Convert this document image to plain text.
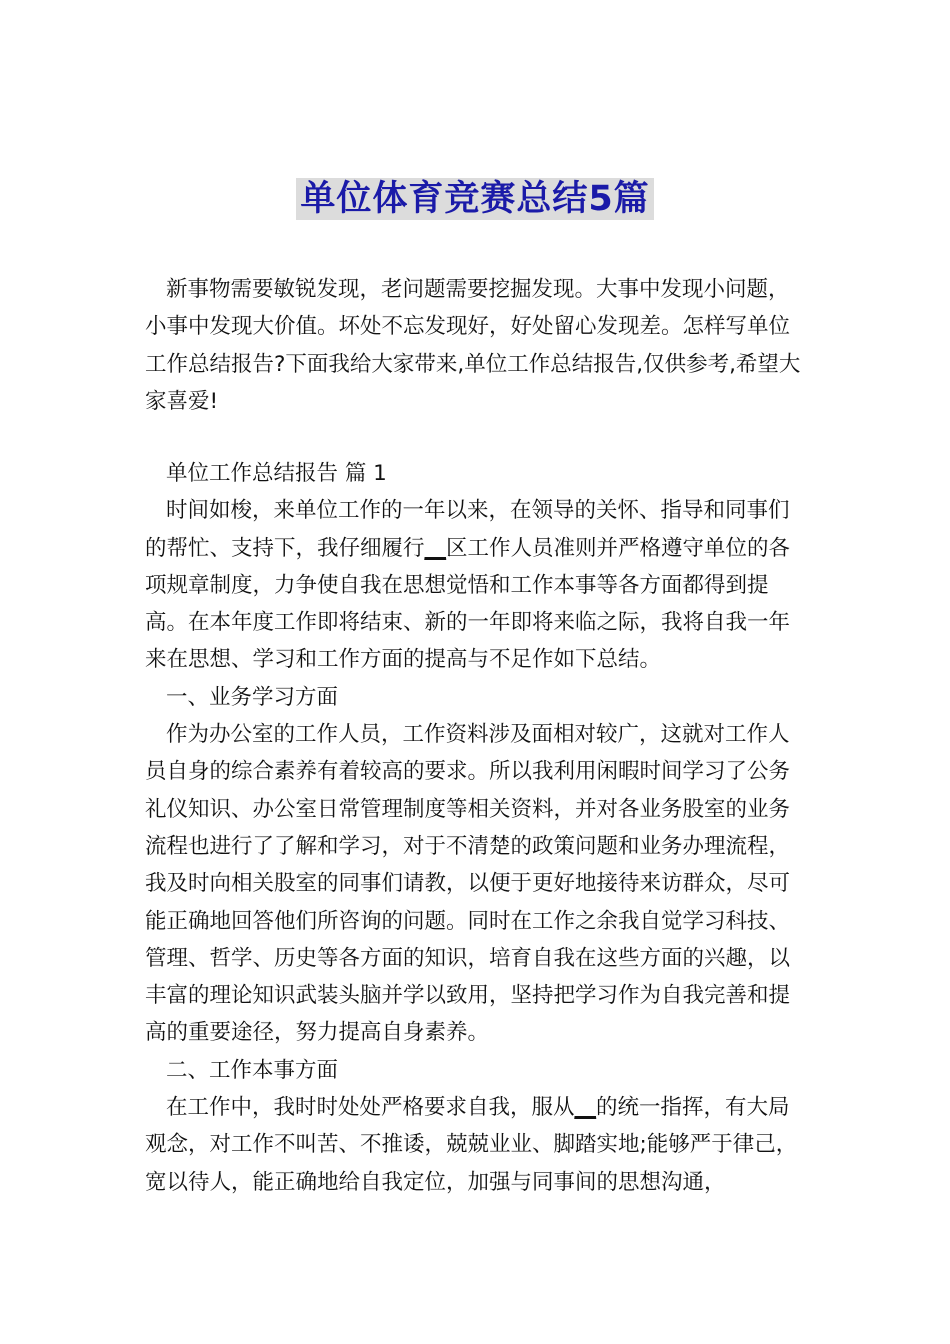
单位体育竞赛总结5篇

新事物需要敏锐发现，老问题需要挖掘发现。大事中发现小问题，小事中发现大价值。坏处不忘发现好，好处留心发现差。怎样写单位工作总结报告?下面我给大家带来,单位工作总结报告,仅供参考,希望大家喜爱!

单位工作总结报告 篇 1

时间如梭，来单位工作的一年以来，在领导的关怀、指导和同事们的帮忙、支持下，我仔细履行__区工作人员准则并严格遵守单位的各项规章制度，力争使自我在思想觉悟和工作本事等各方面都得到提高。在本年度工作即将结束、新的一年即将来临之际，我将自我一年来在思想、学习和工作方面的提高与不足作如下总结。

一、业务学习方面

作为办公室的工作人员，工作资料涉及面相对较广，这就对工作人员自身的综合素养有着较高的要求。所以我利用闲暇时间学习了公务礼仪知识、办公室日常管理制度等相关资料，并对各业务股室的业务流程也进行了了解和学习，对于不清楚的政策问题和业务办理流程，我及时向相关股室的同事们请教，以便于更好地接待来访群众，尽可能正确地回答他们所咨询的问题。同时在工作之余我自觉学习科技、管理、哲学、历史等各方面的知识，培育自我在这些方面的兴趣，以丰富的理论知识武装头脑并学以致用，坚持把学习作为自我完善和提高的重要途径，努力提高自身素养。

二、工作本事方面

在工作中，我时时处处严格要求自我，服从__的统一指挥，有大局观念，对工作不叫苦、不推诿，兢兢业业、脚踏实地;能够严于律己，宽以待人，能正确地给自我定位，加强与同事间的思想沟通，
